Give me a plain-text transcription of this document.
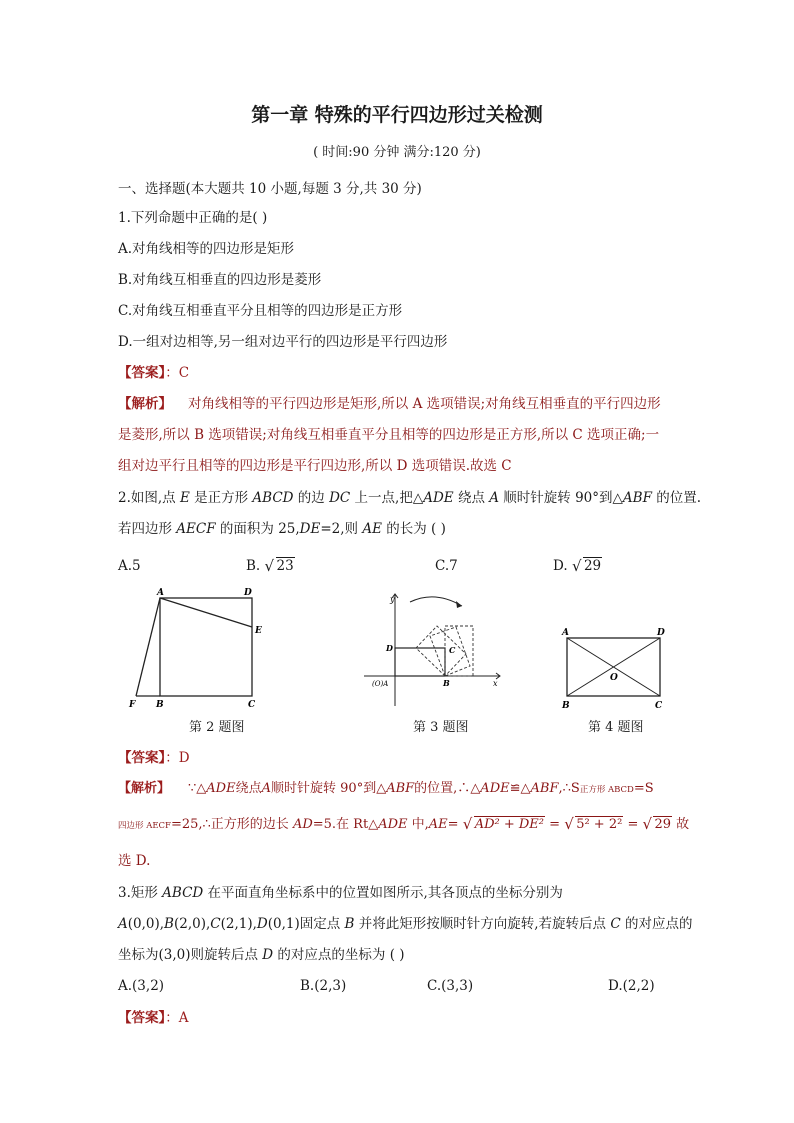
第一章 特殊的平行四边形过关检测
( 时间:90 分钟 满分:120 分)
一、选择题(本大题共 10 小题,每题 3 分,共 30 分)
1.下列命题中正确的是( )
A.对角线相等的四边形是矩形
B.对角线互相垂直的四边形是菱形
C.对角线互相垂直平分且相等的四边形是正方形
D.一组对边相等,另一组对边平行的四边形是平行四边形
【答案】：C
【解析】 对角线相等的平行四边形是矩形,所以 A 选项错误;对角线互相垂直的平行四边形
是菱形,所以 B 选项错误;对角线互相垂直平分且相等的四边形是正方形,所以 C 选项正确;一
组对边平行且相等的四边形是平行四边形,所以 D 选项错误.故选 C
2.如图,点 E 是正方形 ABCD 的边 DC 上一点,把△ADE 绕点 A 顺时针旋转 90°到△ABF 的位置.
若四边形 AECF 的面积为 25,DE=2,则 AE 的长为 ( )
A.5	B. √ 23	C.7	D. √ 29
A	D
E
F B	C
第 2 题图
y
D	C
(O)A	B	x
第 3 题图
A	D
O
B	C
第 4 题图
【答案】：D
【解析】 ∵△ADE绕点A顺时针旋转 90°到△ABF的位置,∴△ADE≌△ABF,∴S正方形 ABCD=S
四边形 AECF=25,∴正方形的边长 AD=5.在 Rt△ADE 中,AE= √ AD² + DE² = √ 5² + 2² = √ 29 故
选 D.
3.矩形 ABCD 在平面直角坐标系中的位置如图所示,其各顶点的坐标分别为
A(0,0),B(2,0),C(2,1),D(0,1)固定点 B 并将此矩形按顺时针方向旋转,若旋转后点 C 的对应点的
坐标为(3,0)则旋转后点 D 的对应点的坐标为 ( )
A.(3,2)	B.(2,3)	C.(3,3)	D.(2,2)
【答案】：A
